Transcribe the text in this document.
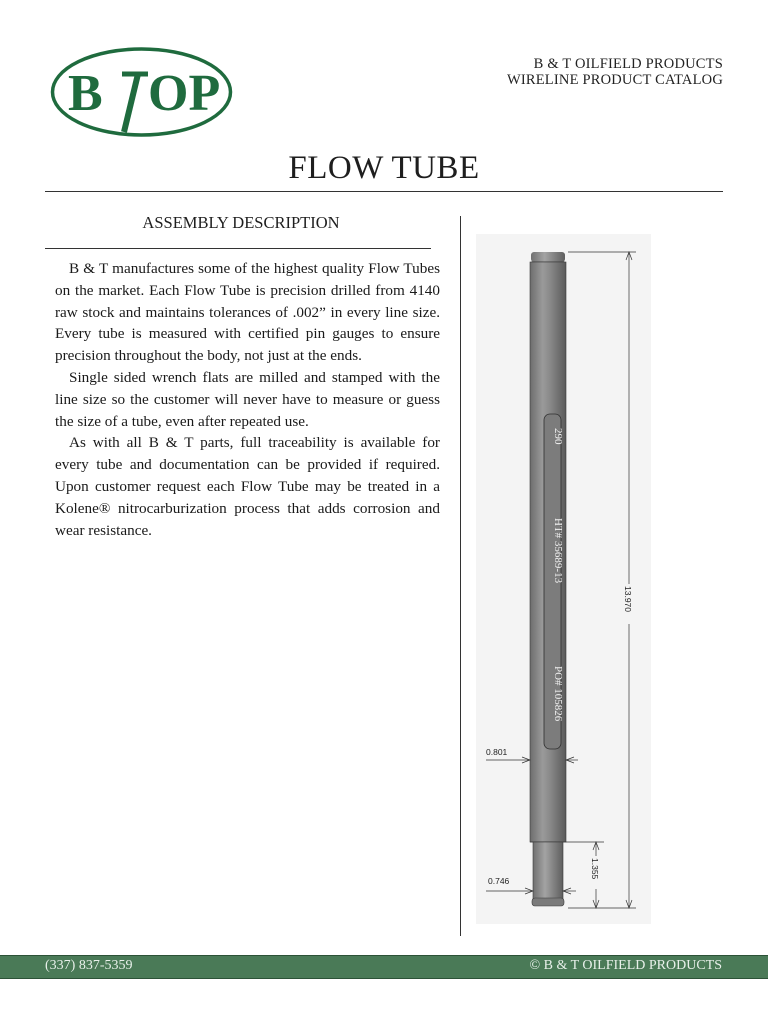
B OP
B & T OILFIELD PRODUCTS
WIRELINE PRODUCT CATALOG
FLOW TUBE
ASSEMBLY DESCRIPTION

B & T manufactures some of the highest quality Flow Tubes on the market. Each Flow Tube is precision drilled from 4140 raw stock and maintains tolerances of .002” in every line size. Every tube is measured with certified pin gauges to ensure precision throughout the body, not just at the ends.

Single sided wrench flats are milled and stamped with the line size so the customer will never have to measure or guess the size of a tube, even after repeated use.

As with all B & T parts, full traceability is available for every tube and documentation can be provided if required. Upon customer request each Flow Tube may be treated in a Kolene® nitrocarburization process that adds corrosion and wear resistance.

290
HT# 35689-13
PO# 105826
13.970
0.801
0.746
1.355
(337) 837-5359	© B & T OILFIELD PRODUCTS
